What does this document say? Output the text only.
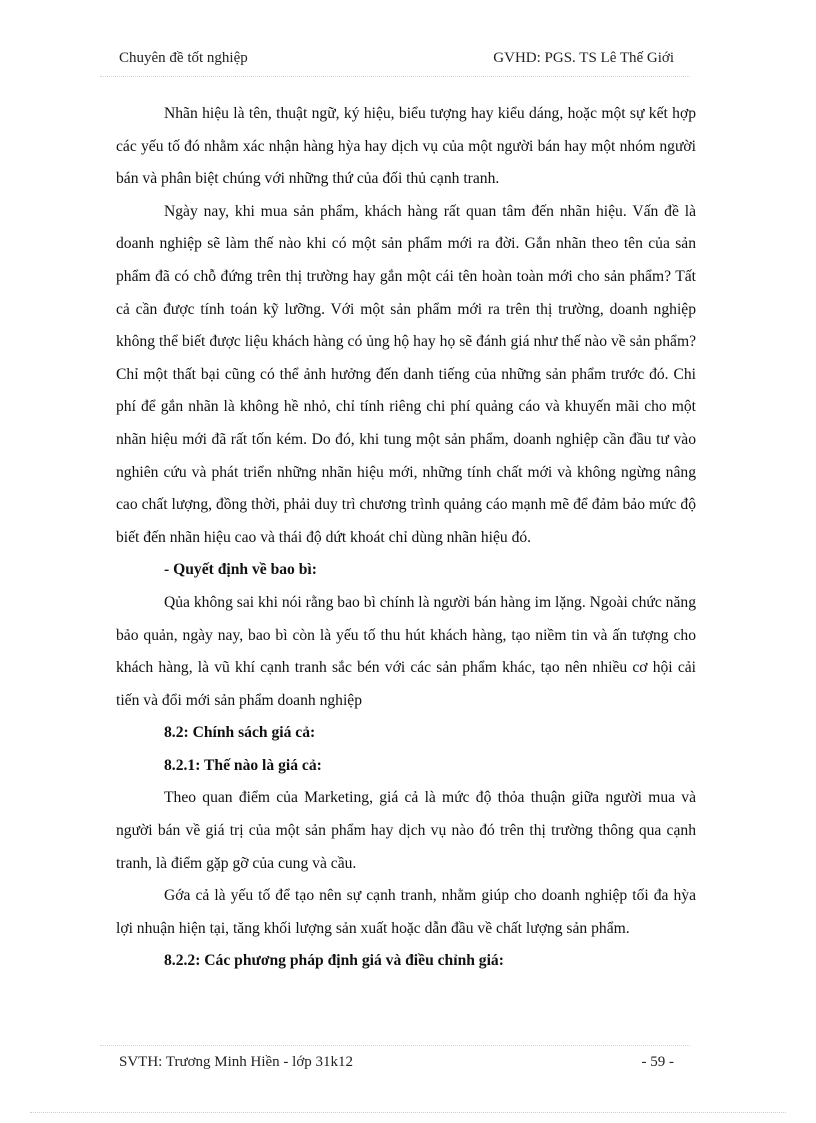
Chuyên đề tốt nghiệp	GVHD: PGS. TS Lê Thế Giới

Nhãn hiệu là tên, thuật ngữ, ký hiệu, biểu tượng hay kiểu dáng, hoặc một sự kết hợp các yếu tố đó nhằm xác nhận hàng hỳa hay dịch vụ của một người bán hay một nhóm người bán và phân biệt chúng với những thứ của đối thủ cạnh tranh.

Ngày nay, khi mua sản phẩm, khách hàng rất quan tâm đến nhãn hiệu. Vấn đề là doanh nghiệp sẽ làm thế nào khi có một sản phẩm mới ra đời. Gắn nhãn theo tên của sản phẩm đã có chỗ đứng trên thị trường hay gắn một cái tên hoàn toàn mới cho sản phẩm? Tất cả cần được tính toán kỹ lưỡng. Với một sản phẩm mới ra trên thị trường, doanh nghiệp không thể biết được liệu khách hàng có ủng hộ hay họ sẽ đánh giá như thế nào về sản phẩm? Chỉ một thất bại cũng có thể ảnh hưởng đến danh tiếng của những sản phẩm trước đó. Chi phí để gắn nhãn là không hề nhỏ, chỉ tính riêng chi phí quảng cáo và khuyến mãi cho một nhãn hiệu mới đã rất tốn kém. Do đó, khi tung một sản phẩm, doanh nghiệp cần đầu tư vào nghiên cứu và phát triển những nhãn hiệu mới, những tính chất mới và không ngừng nâng cao chất lượng, đồng thời, phải duy trì chương trình quảng cáo mạnh mẽ để đảm bảo mức độ biết đến nhãn hiệu cao và thái độ dứt khoát chỉ dùng nhãn hiệu đó.

- Quyết định về bao bì:

Qủa không sai khi nói rằng bao bì chính là người bán hàng im lặng. Ngoài chức năng bảo quản, ngày nay, bao bì còn là yếu tố thu hút khách hàng, tạo niềm tin và ấn tượng cho khách hàng, là vũ khí cạnh tranh sắc bén với các sản phẩm khác, tạo nên nhiều cơ hội cải tiến và đổi mới sản phẩm doanh nghiệp

8.2: Chính sách giá cả:

8.2.1: Thế nào là giá cả:

Theo quan điểm của Marketing, giá cả là mức độ thỏa thuận giữa người mua và người bán về giá trị của một sản phẩm hay dịch vụ nào đó trên thị trường thông qua cạnh tranh, là điểm gặp gỡ của cung và cầu.

Gớa cả là yếu tố để tạo nên sự cạnh tranh, nhằm giúp cho doanh nghiệp tối đa hỳa lợi nhuận hiện tại, tăng khối lượng sản xuất hoặc dẫn đầu về chất lượng sản phẩm.

8.2.2: Các phương pháp định giá và điều chỉnh giá:

SVTH: Trương Minh Hiền - lớp 31k12	- 59 -
